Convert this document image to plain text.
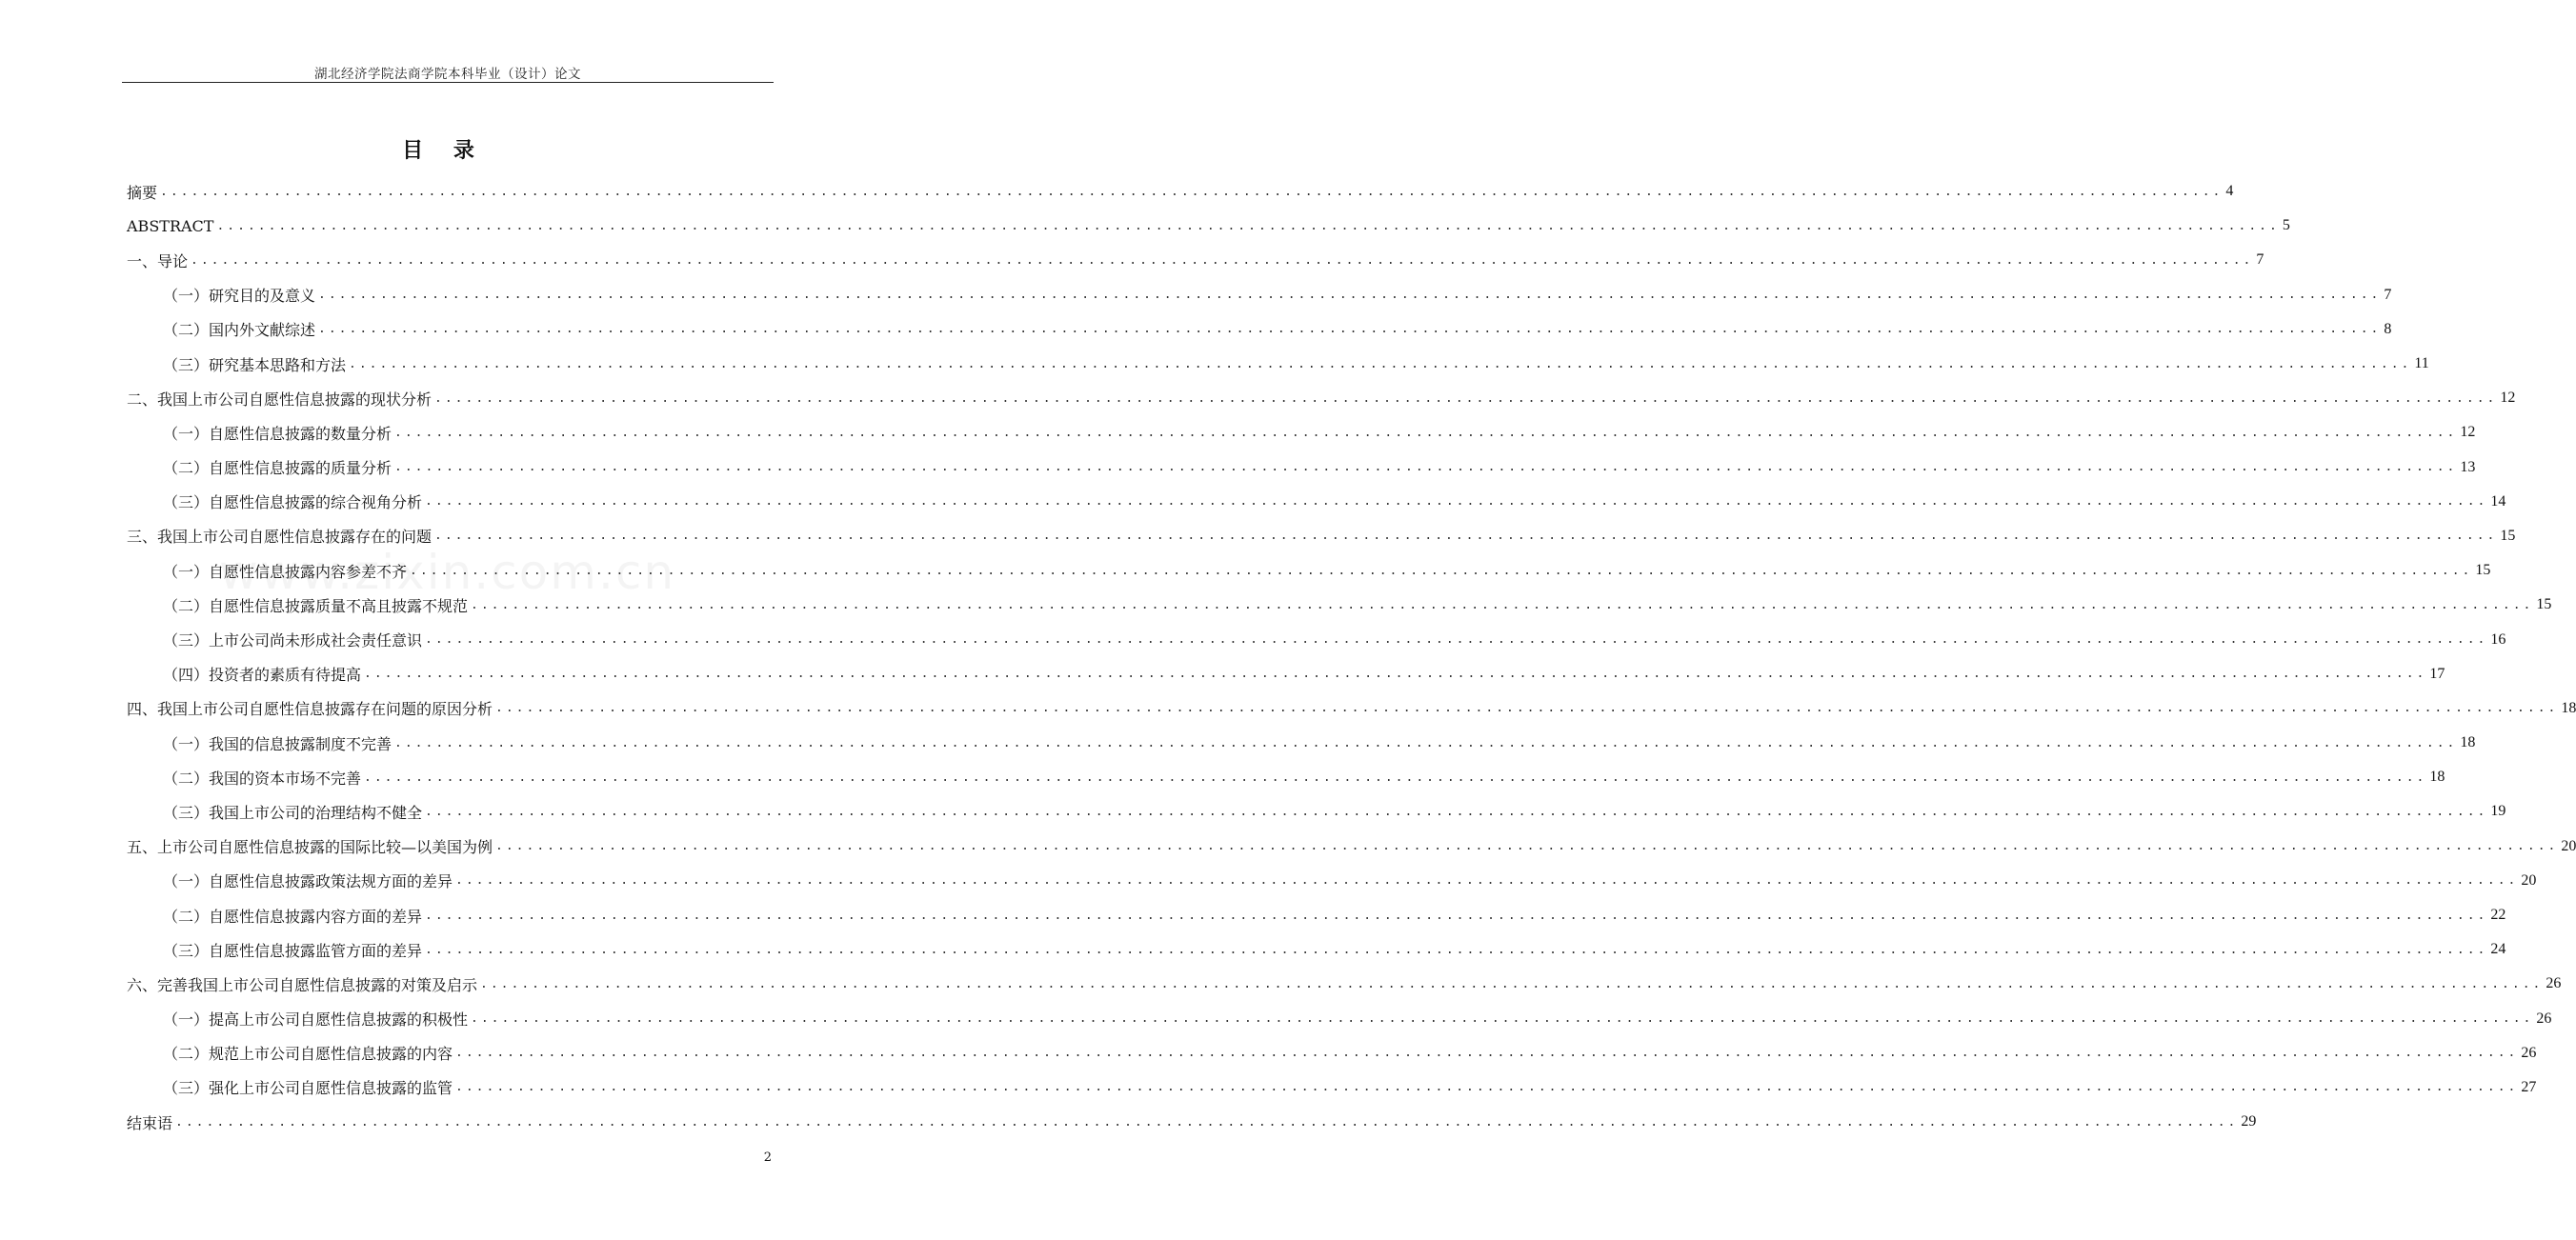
湖北经济学院法商学院本科毕业（设计）论文
目 录
摘要 ........................................................................................................................................................................................................ 4
ABSTRACT ........................................................................................................................................................................................................ 5
一、导论 ........................................................................................................................................................................................................ 7
（一）研究目的及意义 ........................................................................................................................................................................................................ 7
（二）国内外文献综述 ........................................................................................................................................................................................................ 8
（三）研究基本思路和方法 ........................................................................................................................................................................................................ 11
二、我国上市公司自愿性信息披露的现状分析 ........................................................................................................................................................................................................ 12
（一）自愿性信息披露的数量分析 ........................................................................................................................................................................................................ 12
（二）自愿性信息披露的质量分析 ........................................................................................................................................................................................................ 13
（三）自愿性信息披露的综合视角分析 ........................................................................................................................................................................................................ 14
三、我国上市公司自愿性信息披露存在的问题 ........................................................................................................................................................................................................ 15
（一）自愿性信息披露内容参差不齐 ........................................................................................................................................................................................................ 15
（二）自愿性信息披露质量不高且披露不规范 ........................................................................................................................................................................................................ 15
（三）上市公司尚未形成社会责任意识 ........................................................................................................................................................................................................ 16
（四）投资者的素质有待提高 ........................................................................................................................................................................................................ 17
四、我国上市公司自愿性信息披露存在问题的原因分析 ........................................................................................................................................................................................................ 18
（一）我国的信息披露制度不完善 ........................................................................................................................................................................................................ 18
（二）我国的资本市场不完善 ........................................................................................................................................................................................................ 18
（三）我国上市公司的治理结构不健全 ........................................................................................................................................................................................................ 19
五、上市公司自愿性信息披露的国际比较—以美国为例 ........................................................................................................................................................................................................ 20
（一）自愿性信息披露政策法规方面的差异 ........................................................................................................................................................................................................ 20
（二）自愿性信息披露内容方面的差异 ........................................................................................................................................................................................................ 22
（三）自愿性信息披露监管方面的差异 ........................................................................................................................................................................................................ 24
六、完善我国上市公司自愿性信息披露的对策及启示 ........................................................................................................................................................................................................ 26
（一）提高上市公司自愿性信息披露的积极性 ........................................................................................................................................................................................................ 26
（二）规范上市公司自愿性信息披露的内容 ........................................................................................................................................................................................................ 26
（三）强化上市公司自愿性信息披露的监管 ........................................................................................................................................................................................................ 27
结束语 ........................................................................................................................................................................................................ 29
2
